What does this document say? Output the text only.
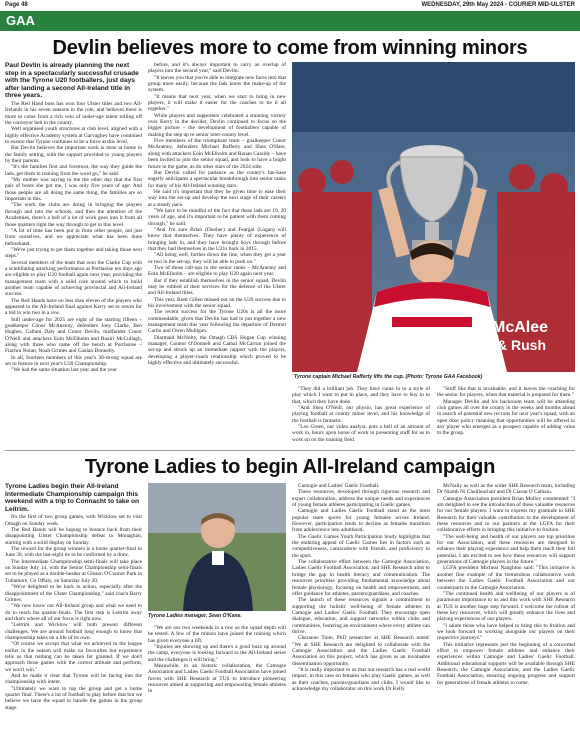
Page 48	WEDNESDAY, 29th May 2024 - COURIER MID-ULSTER
GAA
Devlin believes more to come from winning minors

Paul Devlin is already planning the next step in a spectacularly successful crusade with the Tyrone U20 footballers, just days after landing a second All-Ireland title in three years.

The Red Hand boss has won four Ulster titles and two All-Irelands in his seven seasons in the role, and believes there is more to come from a rich vein of under-age talent rolling off the conveyor belt in the county.

Well organised youth structures at club level, aligned with a highly effective Academy system at Garvaghey have combined to ensure that Tyrone continues to be a force at this level.

But Devlin believes the important work is done at home in the family setting, with the support provided to young players by their parents.

"It's the families first and foremost, the way they guide the lads, get them to training from the word go," he said.

"My mother was saying to me the other day that the first pair of boots she got me, I was only five years of age. And those people are all doing the same thing, the families are so important in this.

"The work the clubs are doing in bringing the players through and into the schools, and then the attention of the Academies, there's a hell of a lot of work goes into it from all those quarters right the way through to get to this level.

"A lot of time has been put in from other people, not just from ourselves, and we appreciate what has been done beforehand.

"We're just trying to get them together and taking those next steps."

Several members of the team that won the Clarke Cup with a scintillating attacking performance at Portlaoise ten days ago are eligible to play U20 football again next year, providing the management team with a solid core around which to build another team capable of achieving provincial and All-Ireland success.

The Red Hands have no less than eleven of the players who appeared in the All-Ireland final against Kerry set to return for a bid to win two in a row.

Still under-age for 2025 are eight of the starting fifteen – goalkeeper Conor McAnenny, defenders Joey Clarke, Ben Hughes, Callum Daly and Conor Devlin, midfielder Conor O'Neill and attackers Eoin McElholm and Ruairi McCullagh, along with three who came off the bench at Portlaoise – Fiachra Nolan, Noah Grimes and Caolan Donnelly.

In all, fourteen members of this year's 30-strong squad are set to feature in next year's U20 Championship.

"We had the same situation last year and the year

before, and it's always important to carry an overlap of players into the second year," said Devlin.

"It leaves you that you're able to integrate new faces into that group more easily, because the lads know the make-up of the system.

"It means that next year, when we start to bring in new players, it will make it easier for the coaches to tie it all together."

While players and supporters celebrated a stunning victory over Kerry in the decider, Devlin continued to focus on the bigger picture – the development of footballers capable of making the step up to senior inter-county level.

Five members of the triumphant team – goalkeeper Conor McAnenny, defenders Michael Rafferty and Shea O'Hare, along with attackers Eoin McElholm and Ronan Cassidy – have been invited to join the senior squad, and look to have a bright future in the game, as do other stars of the 2024 side.

But Devlin called for patience as the county's fan-base eagerly anticipates a spectacular breakthrough into senior ranks for many of his All-Ireland winning stars.

He said it's important that they be given time to ease their way into the set-up and develop the next stage of their careers at a steady pace.

"We have to be mindful of the fact that these lads are 19, 20 years of age, and it's important to be patient with them coming through," he said.

"And I'm sure Brian (Dooher) and Feargal (Logan) will know that themselves. They have plenty of experience of bringing lads in, and they have brought boys through before that they had themselves in the U21s back in 2015.

"All being well, further down the line, when they get a year or two in the set-up, they will be able to push on."

Two of those call-ups to the senior ranks – McAnenny and Eoin McElholm – are eligible to play U20 again next year.

But if they establish themselves in the senior squad, Devlin may be robbed of their services for the defence of the Ulster and All-Ireland titles.

This year, Brett Gillen missed out on the U20 success due to his involvement with the senior squad.

The recent success for the Tyrone U20s is all the more commendable, given that Devlin has had to put together a new management team this year following the departure of Dermot Carlin and Owen Mulligan.

Diarmaid McNulty, the Omagh CBS Hogan Cup winning manager, Connor O'Donnell and Cathal McCarron joined the set-up and struck up an immediate rapport with the players, developing a player-coach relationship which proved to be highly effective and ultimately successful.

McAlee
& Rush
Tyrone captain Michael Rafferty lifts the cup. (Photo: Tyrone GAA Facebook)

"They did a brilliant job. They have come in to a style of play which I want to put in place, and they have to buy in to that, which they have done.

"And Shea O'Neill, our physio, has great experience of playing football at county minor level, and his knowledge of the football is fantastic.

"Leo Green, our video analyst, puts a hell of an amount of work in, hours upon horse of work in presenting stuff for us to work on on the training field.

"Stuff like that is invaluable, and it leaves the coaching for the senior for players, when that material is prepared for them."

Manager Devlin and his backroom team will be attending club games all over the county in the weeks and months ahead in search of potential new recruits for next year's squad, with an open door policy meaning that opportunities will be offered to any player who emerges as a prospect capable of adding value to the group.

Tyrone Ladies to begin All-Ireland campaign

Tyrone Ladies begin their All-Ireland Intermediate Championship campaign this weekend with a trip to Connacht to take on Leitrim.

It's the first of two group games, with Wicklow set to visit Omagh on Sunday week.

The Red Hands will be hoping to bounce back from their disappointing Ulster Championship defeat to Monaghan, starting with a solid display on Sunday.

The reward for the group winners is a home quarter-final in June 30, with the last-eight tie to be confirmed by a draw.

The Intermediate Championship semi-finals will take place on Sunday July 14, with the Senior Championship semi-finals set to be played as a double-header at Gleann O'Connor Park in Tullamore, Co Offaly, on Saturday July 20.

"We're delighted to be back in action, especially after the disappointment of the Ulster Championship," said coach Barry Grimes.

"We now know our All-Ireland group and what we need to do to reach the quarter-finals. The first step is Leitrim away and that's where all of our focus is right now.

"Leitrim and Wicklow will both present different challenges. We are around football long enough to know that championship takes on a life of its own.

"Of course we accept that what we achieved in the league earlier in the season will make no favourites but experience tells us that nothing can be taken for granted. If we don't approach those games with the correct attitude and perform, we won't win."

And he made it clear that Tyrone will be facing into the championship with intent.

"Ultimately we want to top the group and get a home quarter final. There's a lot of football to play before that but we believe we have the squad to handle the games in the group stage.

Tyrone Ladies manager, Sean O'Kane.

"We are our two weekends in a row so the squad depth will be tested. A few of the minors have joined the training which has given everyone a lift.

"Injuries are showing up and there's a good buzz up around the camp, everyone is looking forward to the All-Ireland series and the challenges it will bring."

Meanwhile, in an historic collaboration, the Camogie Association and Ladies Gaelic Football Association have joined forces with SHE Research at TUS to introduce pioneering resources aimed at supporting and empowering female athletes in

Camogie and Ladies' Gaelic Football.

These resources, developed through rigorous research and expert collaboration, address the unique needs and experiences of young female athletes participating in Gaelic games.

Camogie and Ladies Gaelic Football stand as the most popular team sports for young females across Ireland. However, participation tends to decline as females transition from adolescence into adulthood.

The Gaelic Games Youth Participation Study highlights that the enduring appeal of Gaelic Games lies in factors such as competitiveness, camaraderie with friends, and proficiency in the sport.

The collaborative effort between the Camogie Association, Ladies Gaelic Football Association, and SHE Research aims to bridge the gap in health literacy and communication. The resources prioritise providing fundamental knowledge about female physiology, focusing on health and empowerment, and offer guidance for athletes, parents/guardians, and coaches.

The launch of these resources signals a commitment to supporting the holistic well-being of female athletes in Camogie and Ladies' Gaelic Football. They encourage open dialogue, education, and support networks within clubs and communities, fostering an environment where every athlete can thrive.

Cheranne Tuite, PhD researcher at SHE Research noted: "We at SHE Research are delighted to collaborate with the Camogie Association and the Ladies Gaelic Football Association on this project, which has given us an invaluable dissemination opportunity.

"It is really important to us that our research has a real world impact, in this case on females who play Gaelic games, as well as their coaches, parents/guardians and clubs. I would like to acknowledge my collaborator on this work Dr Kelly

McNally as well as the wider SHE Research team, including Dr Niamh Ni Cheilleachair and Dr Ciaran O Cathain.

Camogie Association president Brian Molloy commented: "I am delighted to see the introduction of these valuable resources for our female players. I want to express my gratitude to SHE Research for their valuable contribution to the development of these resources and to our partners at the LGFA for their collaborative efforts in bringing this initiative to fruition.

"The well-being and health of our players are top priorities for our Association, and these resources are designed to enhance their playing experience and help them reach their full potential. I am excited to see how these resources will support generations of Camogie players in the future."

LGFA president Micheal Naughton said: "This initiative is another fine example of the tremendous collaborative work between the Ladies Gaelic Football Association and our counterparts in the Camogie Association.

"The continued health and wellbeing of our players is of paramount importance to us and this work with SHE Research at TUS is another huge step forward. I welcome the rollout of these key resources, which will greatly enhance the lives and playing experiences of our players.

"I salute those who have helped to bring this to fruition and we look forward to working alongside our players on their respective journeys."

This initiative represents just the beginning of a concerted effort to empower female athletes and enhance their experiences within Camogie and Ladies' Gaelic Football. Additional educational supports will be available through SHE Research, the Camogie Association, and the Ladies Gaelic Football Association, ensuring ongoing progress and support for generations of female athletes to come.
